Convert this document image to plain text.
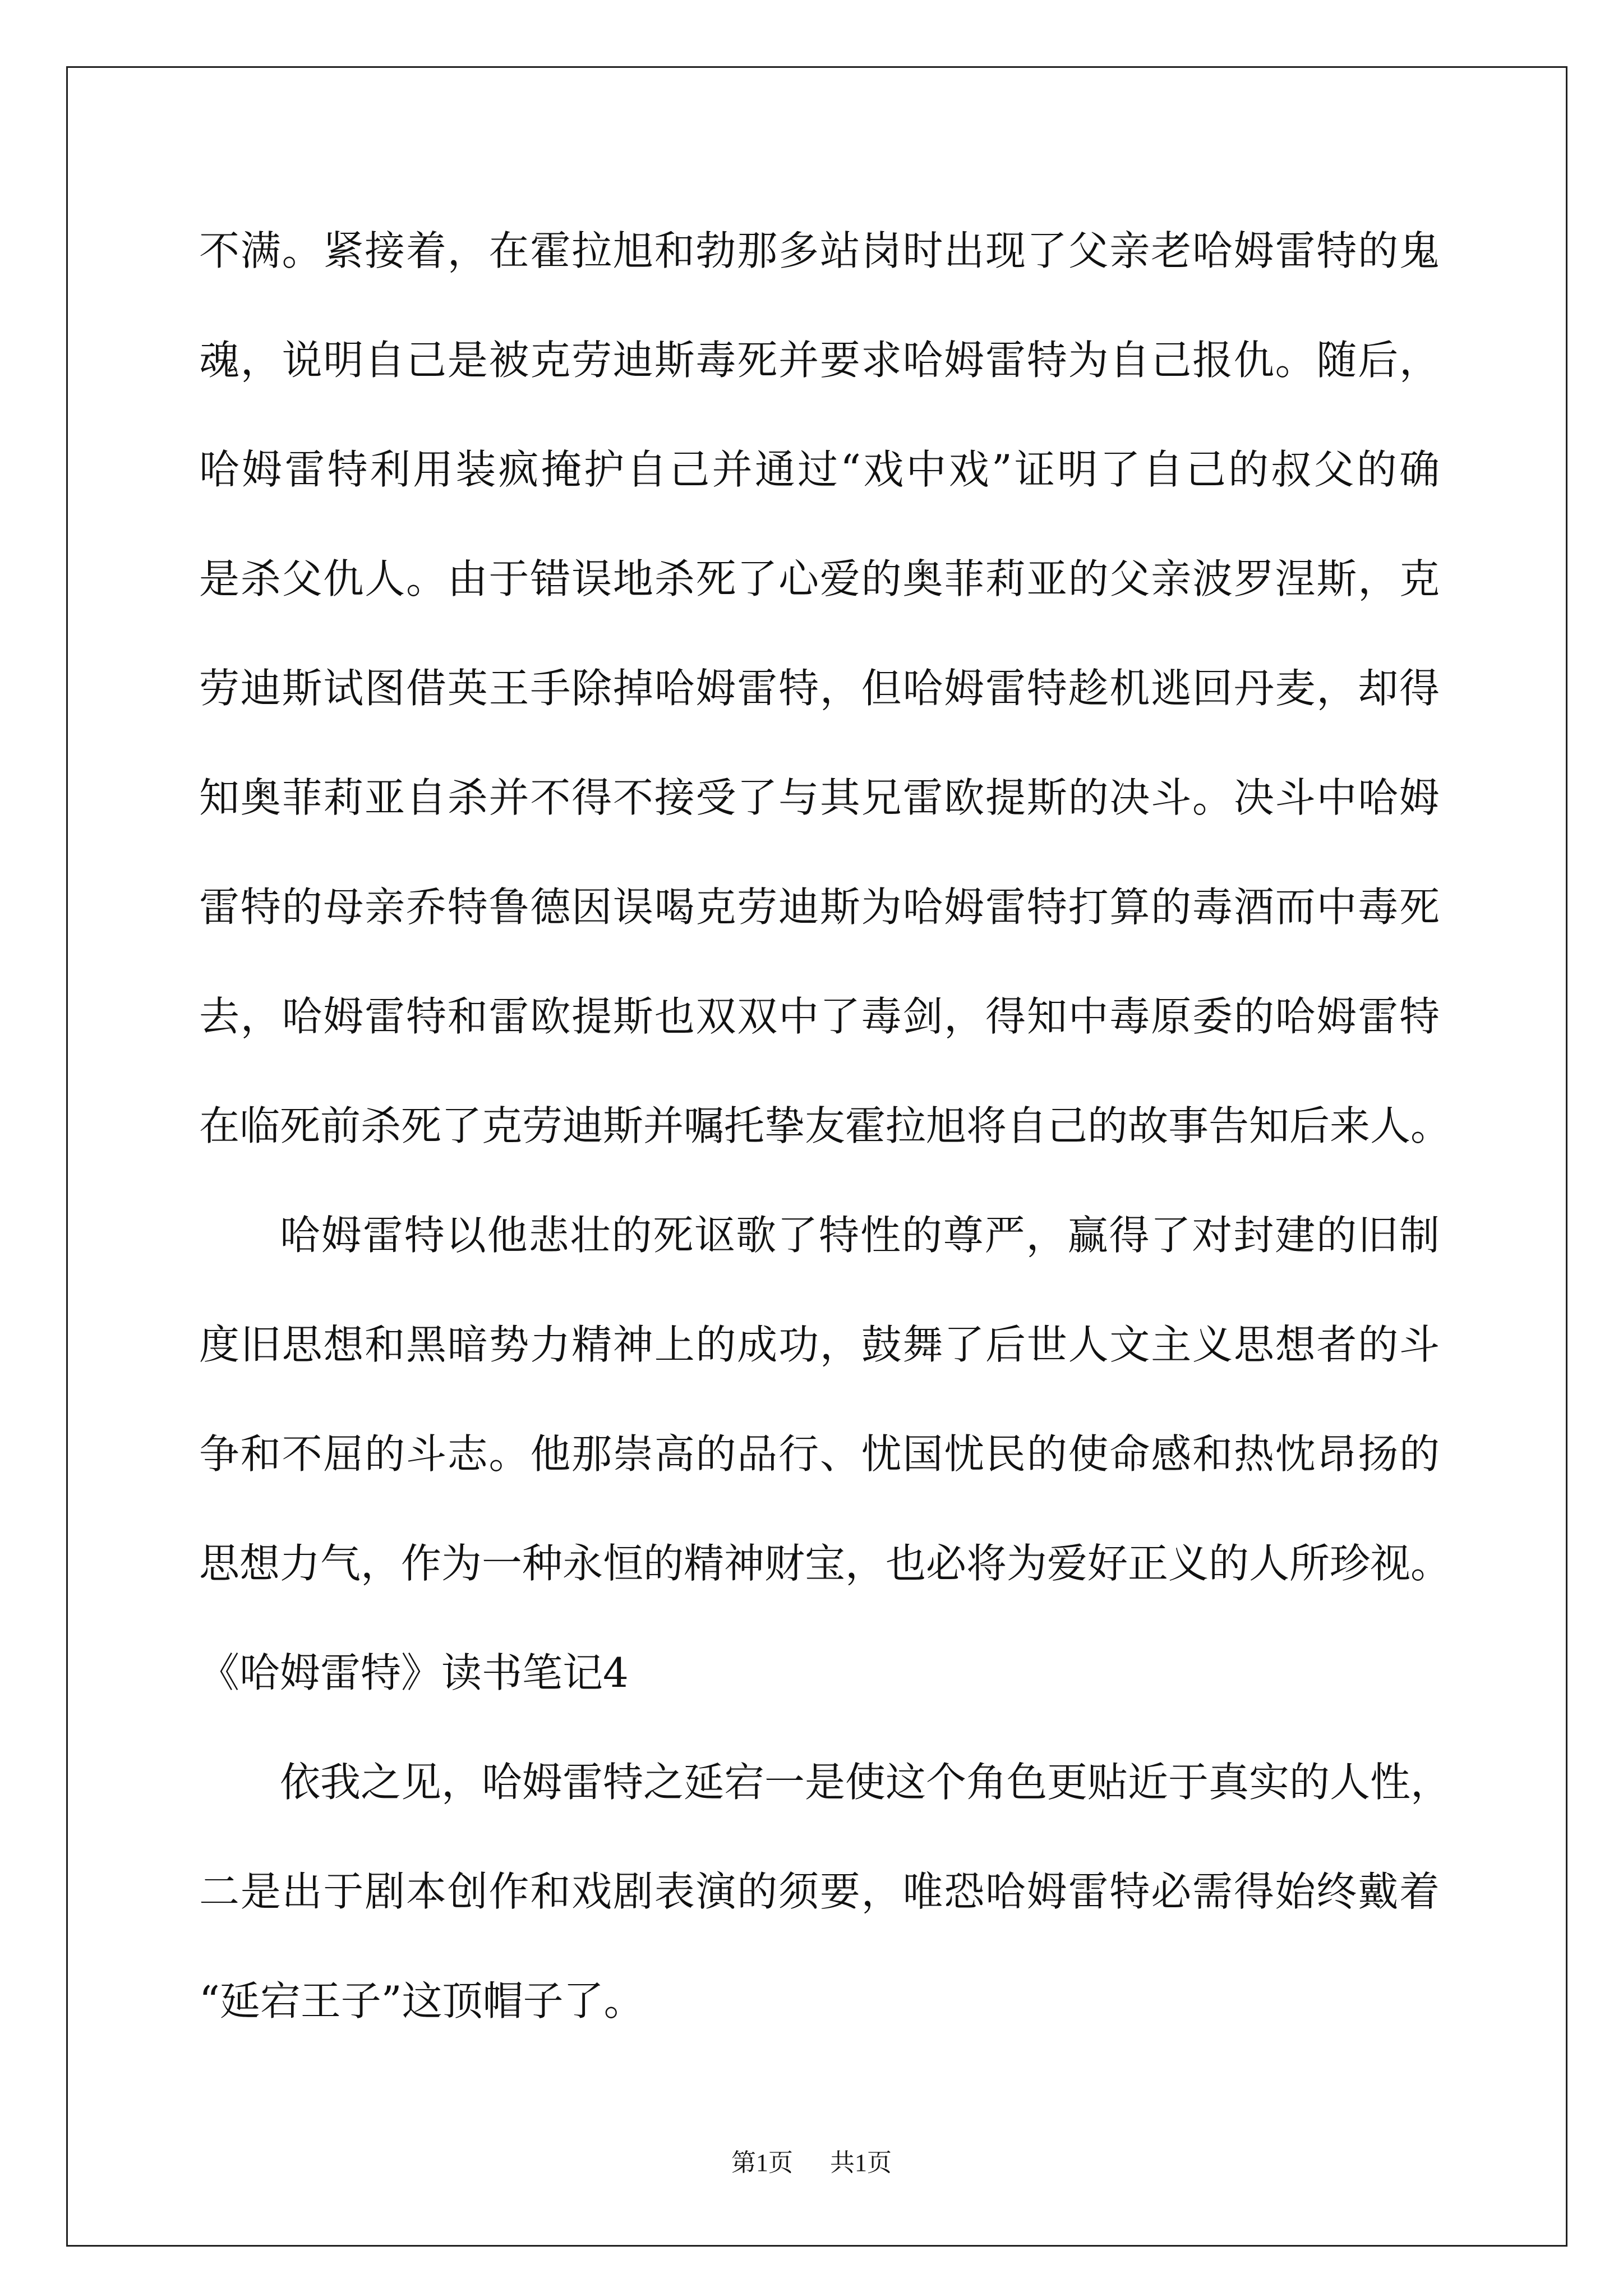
不满。紧接着，在霍拉旭和勃那多站岗时出现了父亲老哈姆雷特的鬼
魂，说明自己是被克劳迪斯毒死并要求哈姆雷特为自己报仇。随后，
哈姆雷特利用装疯掩护自己并通过“戏中戏”证明了自己的叔父的确
是杀父仇人。由于错误地杀死了心爱的奥菲莉亚的父亲波罗涅斯，克
劳迪斯试图借英王手除掉哈姆雷特，但哈姆雷特趁机逃回丹麦，却得
知奥菲莉亚自杀并不得不接受了与其兄雷欧提斯的决斗。决斗中哈姆
雷特的母亲乔特鲁德因误喝克劳迪斯为哈姆雷特打算的毒酒而中毒死
去，哈姆雷特和雷欧提斯也双双中了毒剑，得知中毒原委的哈姆雷特
在临死前杀死了克劳迪斯并嘱托挚友霍拉旭将自己的故事告知后来人。
哈姆雷特以他悲壮的死讴歌了特性的尊严，赢得了对封建的旧制
度旧思想和黑暗势力精神上的成功，鼓舞了后世人文主义思想者的斗
争和不屈的斗志。他那崇高的品行、忧国忧民的使命感和热忱昂扬的
思想力气，作为一种永恒的精神财宝，也必将为爱好正义的人所珍视。
《哈姆雷特》读书笔记4
依我之见，哈姆雷特之延宕一是使这个角色更贴近于真实的人性，
二是出于剧本创作和戏剧表演的须要，唯恐哈姆雷特必需得始终戴着
“延宕王子”这顶帽子了。
第1页 共1页
